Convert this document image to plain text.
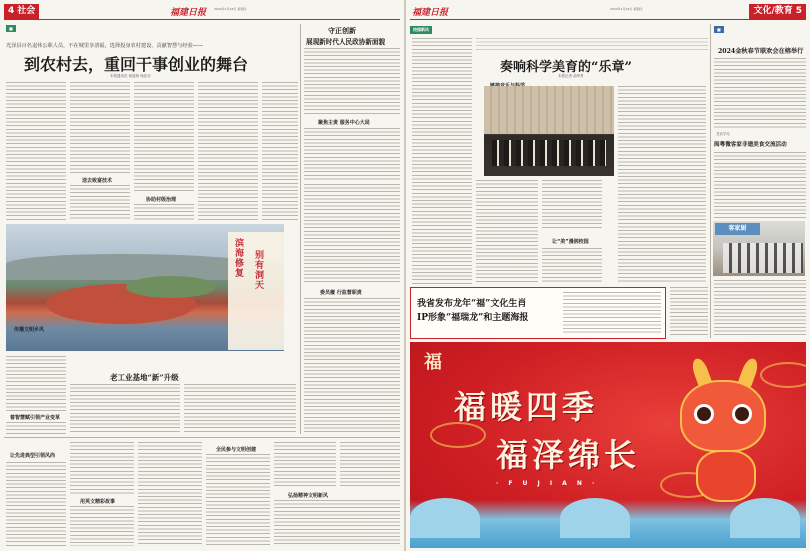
4 社会	福建日报	2024年1月18日 星期四
■
光泽县百名退休公职人员，不在城里享清福，选择投身农村建设，贡献智慧与经验——
到农村去，重回干事创业的舞台
本报通讯员 何道林 杨武未
送去致富技术
协助村级治理
守正创新
展现新时代人民政协新面貌
聚焦主责 服务中心大局
委员履 行监督职责
滨海修复 别有洞天
传播文明乡风
着智慧赋引领产业变革
老工业基地“新”升级
让先进典型引领风尚
用英文精彩故事
全民参与文明创建
弘扬精神文明新风
福建日报	2024年1月18日 星期四	文化/教育 5
校园新风
奏响科学美育的“乐章”
本报记者 曲华哲
让“美”漫润校园
■
2024金秋春节联欢会在榕举行
龙岩学办
闽粤微客家非遗美食交流活动
客家厨
我省发布龙年“福”文化生肖
IP形象“福瑞龙”和主题海报
福
福暖四季
福泽绵长
· F U J I A N ·
